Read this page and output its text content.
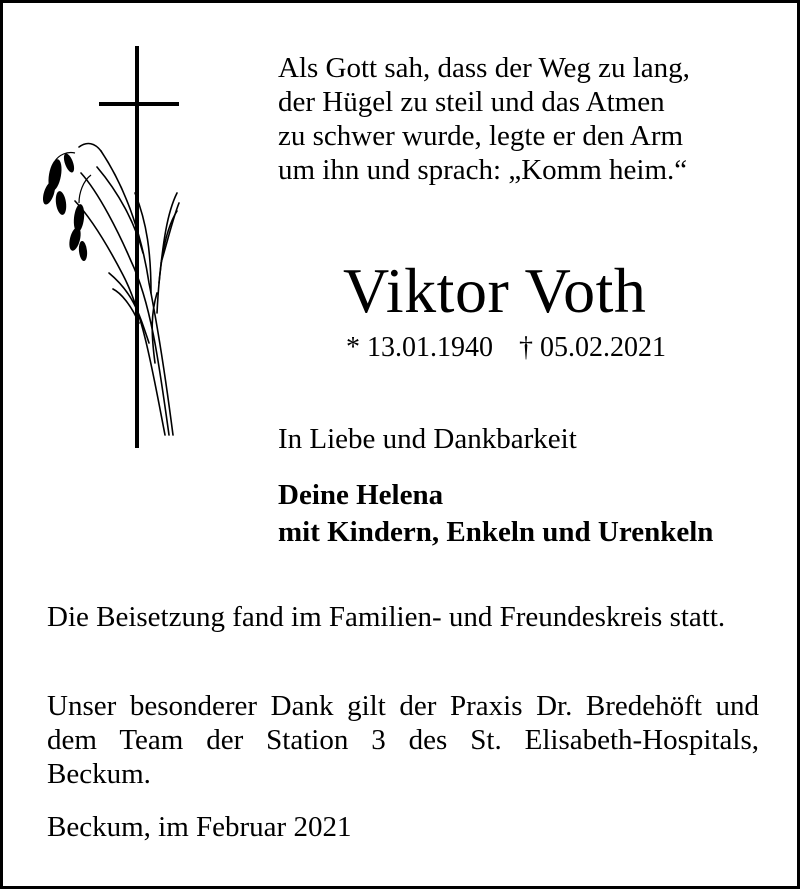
Als Gott sah, dass der Weg zu lang,
der Hügel zu steil und das Atmen
zu schwer wurde, legte er den Arm
um ihn und sprach: „Komm heim.“
Viktor Voth
* 13.01.1940 † 05.02.2021
In Liebe und Dankbarkeit
Deine Helena
mit Kindern, Enkeln und Urenkeln
Die Beisetzung fand im Familien- und Freundeskreis statt.
Unser besonderer Dank gilt der Praxis Dr. Bredehöft und dem Team der Station 3 des St. Elisabeth-Hospitals, Beckum.
Beckum, im Februar 2021
